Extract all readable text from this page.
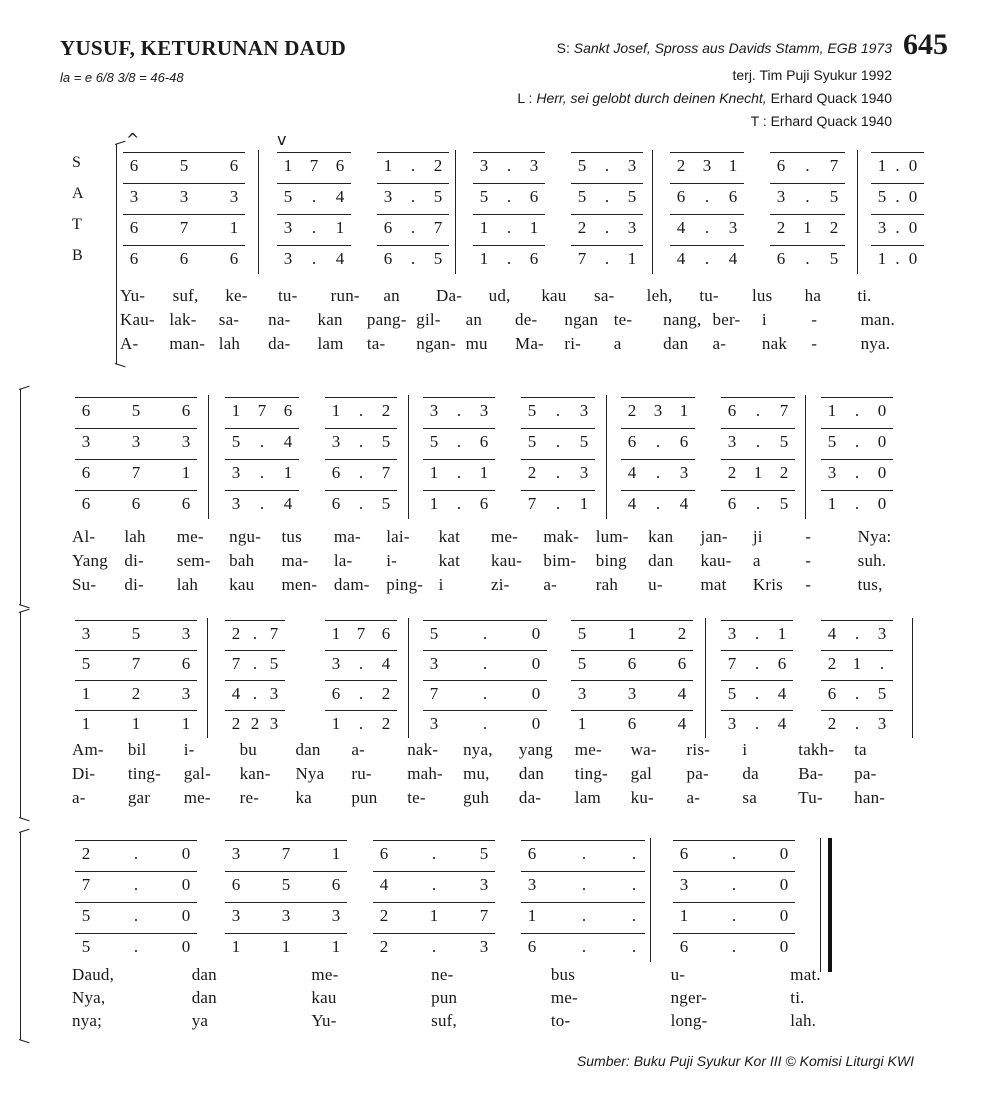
YUSUF, KETURUNAN DAUD
la = e 6/8 3/8 = 46-48
645
S: Sankt Josef, Spross aus Davids Stamm, EGB 1973
terj. Tim Puji Syukur 1992
L : Herr, sei gelobt durch deinen Knecht, Erhard Quack 1940
T : Erhard Quack 1940
^	v
S	6	5	6	1	7	6	1	.	2	3	.	3	5	.	3	2	3	1	6	.	7	1 . 0
A	3	3	3	5	.	4	3	.	5	5	.	6	5	.	5	6	.	6	3	.	5	5 . 0
T	6	7	1	3	.	1	6	.	7	1	.	1	2	.	3	4	.	3	2	1	2	3 . 0
B	6	6	6	3	.	4	6	.	5	1	.	6	7	.	1	4	.	4	6	.	5	1 . 0
Yu- suf, ke- tu- run- an Da- ud, kau sa- leh, tu- lus ha ti.
Kau- lak- sa- na- kan pang- gil- an de- ngan te- nang, ber- i	-	man.
A- man- lah da- lam ta- ngan- mu Ma- ri- a dan a- nak -	nya.
6	5	6	1	7	6	1	.	2	3	.	3	5	.	3	2	3	1	6	.	7	1	.	0
3	3	3	5	.	4	3	.	5	5	.	6	5	.	5	6	.	6	3	.	5	5	.	0
6	7	1	3	.	1	6	.	7	1	.	1	2	.	3	4	.	3	2	1	2	3	.	0
6	6	6	3	.	4	6	.	5	1	.	6	7	.	1	4	.	4	6	.	5	1	.	0
Al- lah me- ngu- tus ma- lai- kat me- mak- lum- kan jan- ji	-	Nya:
Yang di- sem- bah ma- la- i- kat kau- bim- bing dan kau- a	-	suh.
Su- di- lah kau men- dam- ping- i	zi- a- rah u- mat Kris -	tus,
3	5	3	2 . 7	1 7 6	5	.	0	5	1	2	3	.	1	4	.	3
5	7	6	7 . 5	3	.	4	3	.	0	5	6	6	7	.	6	2 1	.
1	2	3	4 . 3	6	.	2	7	.	0	3	3	4	5	.	4	6	.	5
1	1	1	2 2 3	1	.	2	3	.	0	1	6	4	3	.	4	2	.	3
Am- bil i-	bu dan a- nak- nya, yang me- wa- ris- i	takh- ta
Di- ting- gal- kan- Nya ru- mah- mu, dan ting- gal pa- da Ba- pa-
a- gar me- re- ka pun te- guh da- lam ku- a- sa Tu- han-
2	.	0	3	7	1	6	.	5	6	.	.	6	.	0
7	.	0	6	5	6	4	.	3	3	.	.	3	.	0
5	.	0	3	3	3	2	1	7	1	.	.	1	.	0
5	.	0	1	1	1	2	.	3	6	.	.	6	.	0
Daud,	dan	me-	ne-	bus	u-	mat.
Nya,	dan	kau	pun	me-	nger-	ti.
nya;	ya	Yu-	suf,	to-	long-	lah.
Sumber: Buku Puji Syukur Kor III © Komisi Liturgi KWI
